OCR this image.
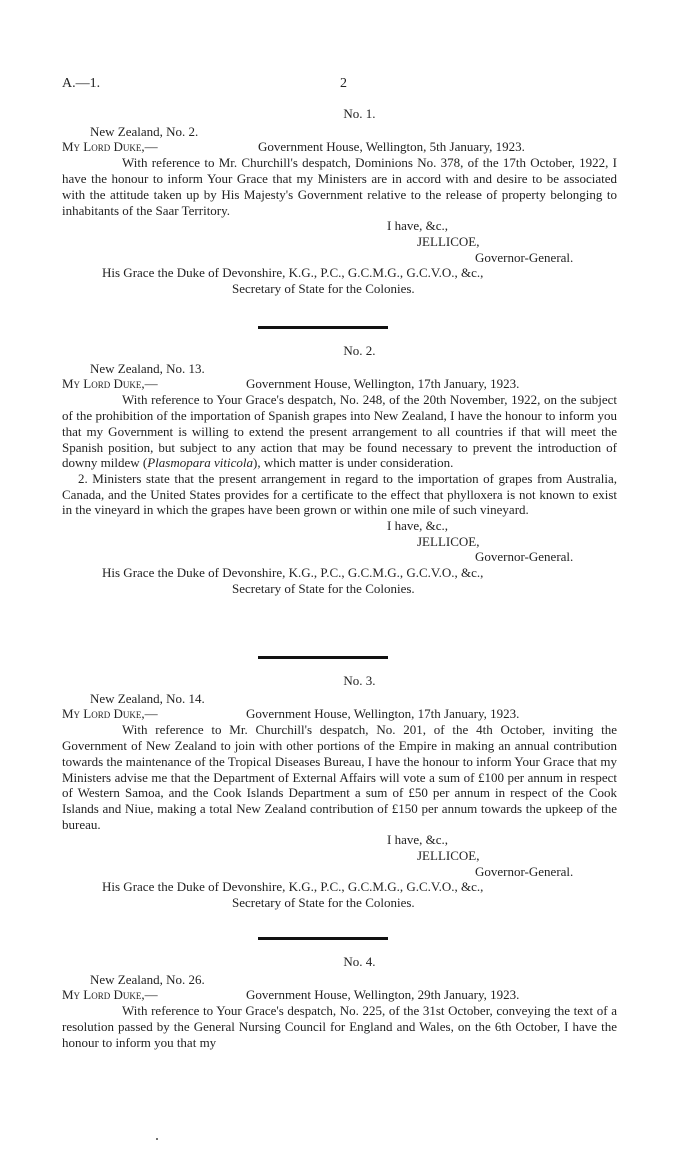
A.—1.	2
No. 1.
New Zealand, No. 2.
My Lord Duke,—	Government House, Wellington, 5th January, 1923.

With reference to Mr. Churchill's despatch, Dominions No. 378, of the 17th October, 1922, I have the honour to inform Your Grace that my Ministers are in accord with and desire to be associated with the attitude taken up by His Majesty's Government relative to the release of property belonging to inhabitants of the Saar Territory.

I have, &c.,
JELLICOE,
Governor-General.
His Grace the Duke of Devonshire, K.G., P.C., G.C.M.G., G.C.V.O., &c.,
Secretary of State for the Colonies.
No. 2.
New Zealand, No. 13.
My Lord Duke,—	Government House, Wellington, 17th January, 1923.

With reference to Your Grace's despatch, No. 248, of the 20th November, 1922, on the subject of the prohibition of the importation of Spanish grapes into New Zealand, I have the honour to inform you that my Government is willing to extend the present arrangement to all countries if that will meet the Spanish position, but subject to any action that may be found necessary to prevent the introduction of downy mildew (Plasmopara viticola), which matter is under consideration.

2. Ministers state that the present arrangement in regard to the importation of grapes from Australia, Canada, and the United States provides for a certificate to the effect that phylloxera is not known to exist in the vineyard in which the grapes have been grown or within one mile of such vineyard.

I have, &c.,
JELLICOE,
Governor-General.
His Grace the Duke of Devonshire, K.G., P.C., G.C.M.G., G.C.V.O., &c.,
Secretary of State for the Colonies.
No. 3.
New Zealand, No. 14.
My Lord Duke,—	Government House, Wellington, 17th January, 1923.

With reference to Mr. Churchill's despatch, No. 201, of the 4th October, inviting the Government of New Zealand to join with other portions of the Empire in making an annual contribution towards the maintenance of the Tropical Diseases Bureau, I have the honour to inform Your Grace that my Ministers advise me that the Department of External Affairs will vote a sum of £100 per annum in respect of Western Samoa, and the Cook Islands Department a sum of £50 per annum in respect of the Cook Islands and Niue, making a total New Zealand contribution of £150 per annum towards the upkeep of the bureau.

I have, &c.,
JELLICOE,
Governor-General.
His Grace the Duke of Devonshire, K.G., P.C., G.C.M.G., G.C.V.O., &c.,
Secretary of State for the Colonies.
No. 4.
New Zealand, No. 26.
My Lord Duke,—	Government House, Wellington, 29th January, 1923.

With reference to Your Grace's despatch, No. 225, of the 31st October, conveying the text of a resolution passed by the General Nursing Council for England and Wales, on the 6th October, I have the honour to inform you that my
